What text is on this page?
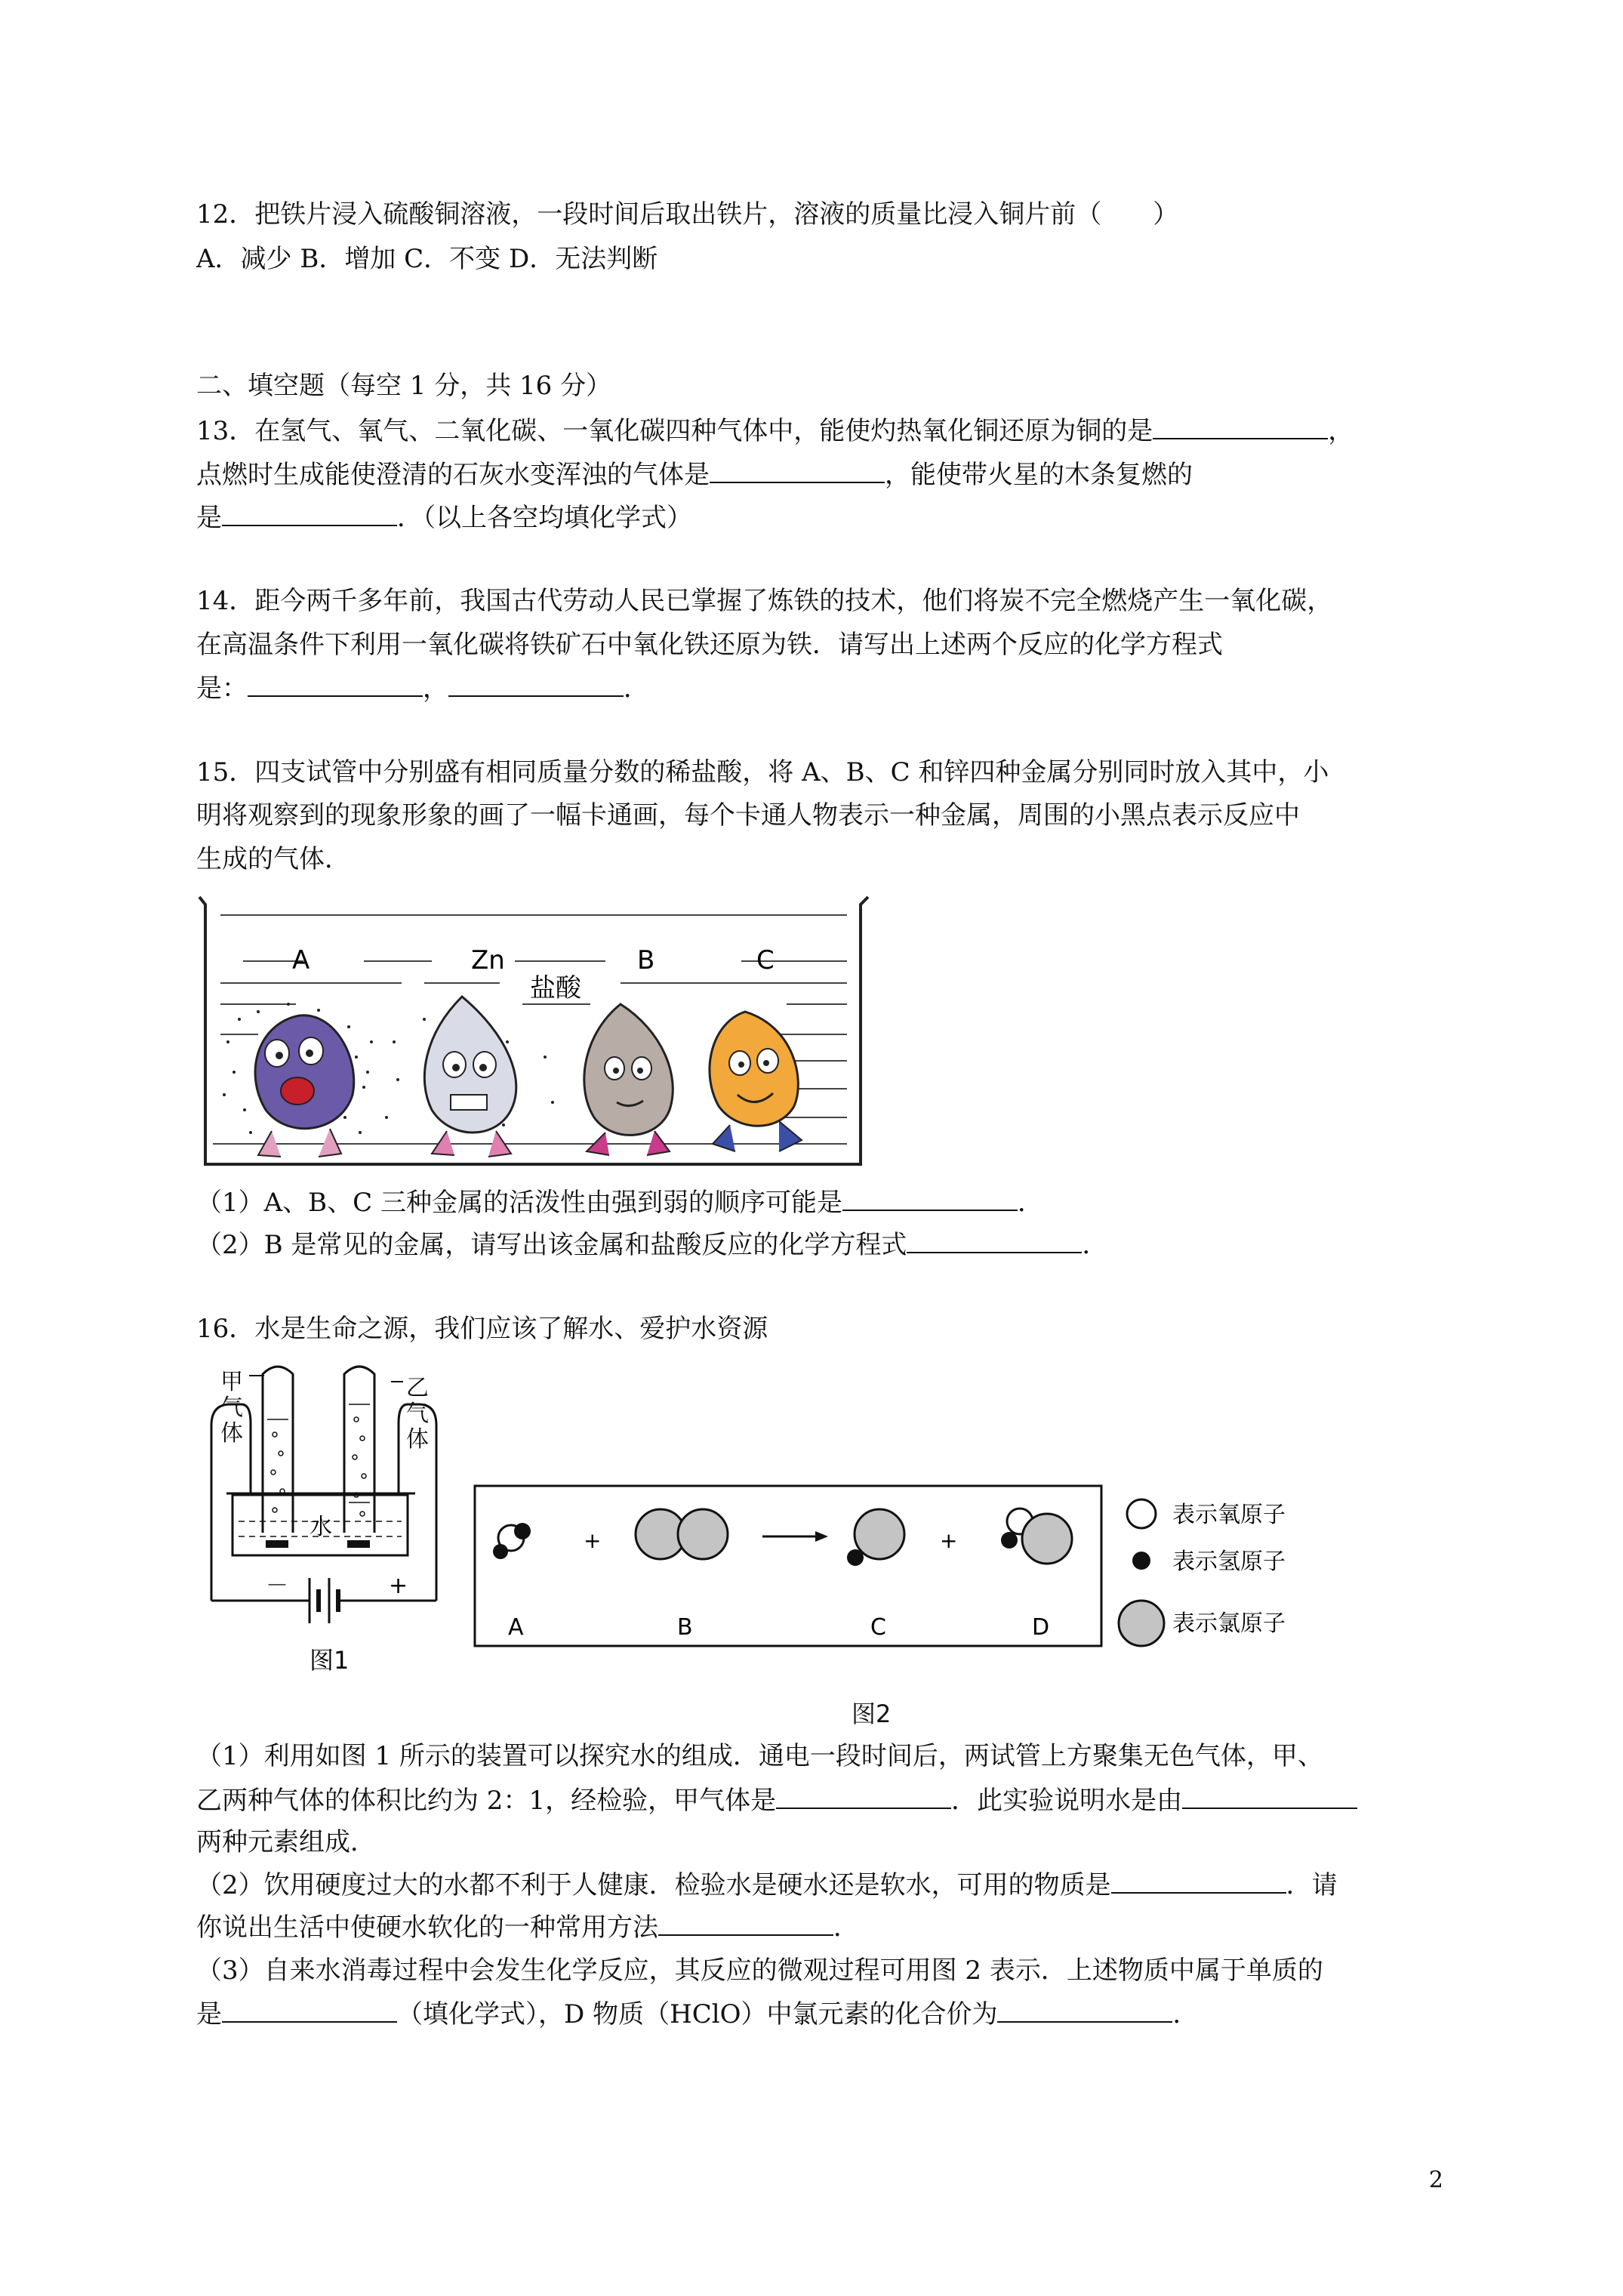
12．把铁片浸入硫酸铜溶液，一段时间后取出铁片，溶液的质量比浸入铜片前（　　）
A．减少 B．增加 C．不变 D．无法判断
二、填空题（每空 1 分，共 16 分）
13．在氢气、氧气、二氧化碳、一氧化碳四种气体中，能使灼热氧化铜还原为铜的是	，
点燃时生成能使澄清的石灰水变浑浊的气体是	，能使带火星的木条复燃的
是	．（以上各空均填化学式）
14．距今两千多年前，我国古代劳动人民已掌握了炼铁的技术，他们将炭不完全燃烧产生一氧化碳，
在高温条件下利用一氧化碳将铁矿石中氧化铁还原为铁．请写出上述两个反应的化学方程式
是：	，	．
15．四支试管中分别盛有相同质量分数的稀盐酸，将 A、B、C 和锌四种金属分别同时放入其中，小
明将观察到的现象形象的画了一幅卡通画，每个卡通人物表示一种金属，周围的小黑点表示反应中
生成的气体．
A	Zn
盐酸
B	C
（1）A、B、C 三种金属的活泼性由强到弱的顺序可能是	．
（2）B 是常见的金属，请写出该金属和盐酸反应的化学方程式	．
16．水是生命之源，我们应该了解水、爱护水资源
甲
气
体
乙
气
体
水
－	+
图1
+	+
A	B	C	D
表示氧原子
表示氢原子
表示氯原子
图2
（1）利用如图 1 所示的装置可以探究水的组成．通电一段时间后，两试管上方聚集无色气体，甲、
乙两种气体的体积比约为 2：1，经检验，甲气体是	．此实验说明水是由
两种元素组成．
（2）饮用硬度过大的水都不利于人健康．检验水是硬水还是软水，可用的物质是	．请
你说出生活中使硬水软化的一种常用方法	．
（3）自来水消毒过程中会发生化学反应，其反应的微观过程可用图 2 表示．上述物质中属于单质的
是	（填化学式），D 物质（HClO）中氯元素的化合价为	．
2
